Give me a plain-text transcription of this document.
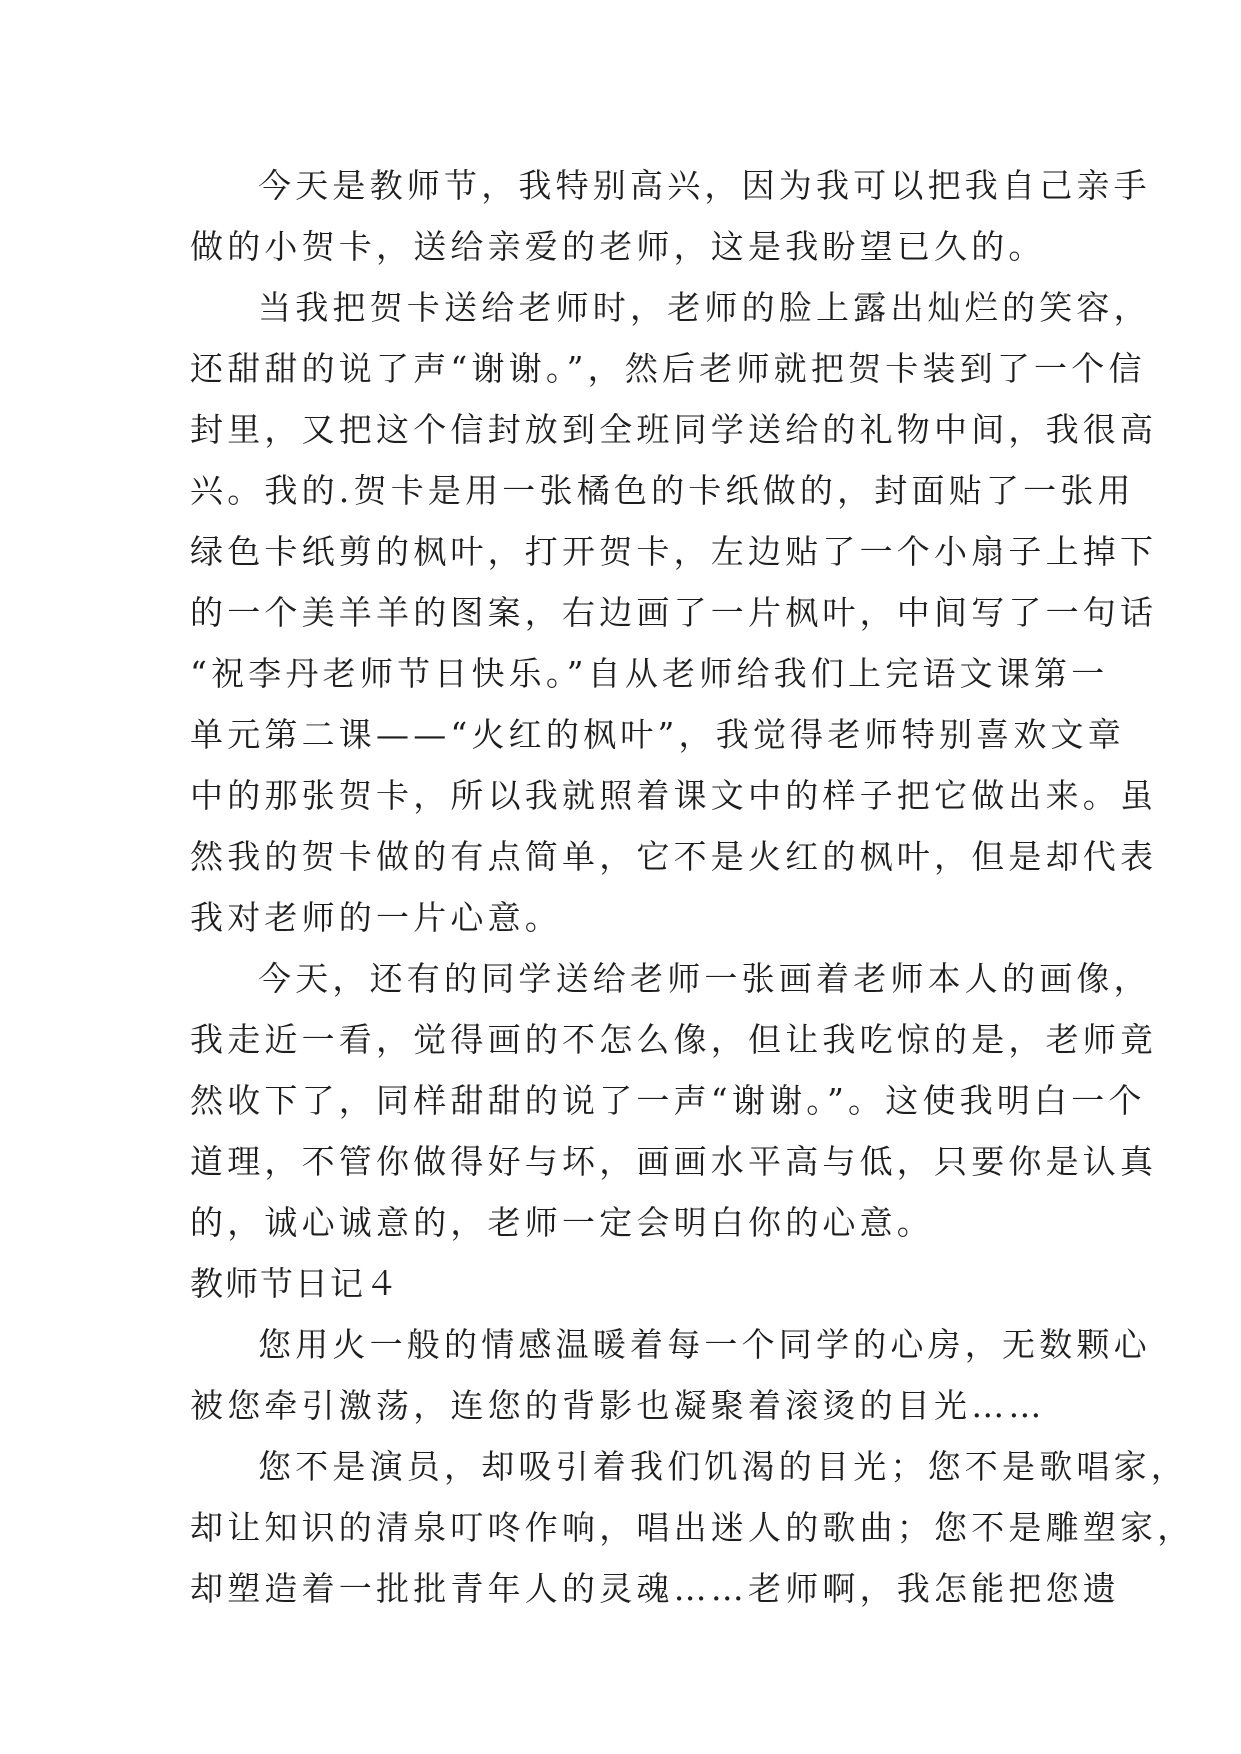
今天是教师节，我特别高兴，因为我可以把我自己亲手
做的小贺卡，送给亲爱的老师，这是我盼望已久的。
当我把贺卡送给老师时，老师的脸上露出灿烂的笑容，
还甜甜的说了声“谢谢。”，然后老师就把贺卡装到了一个信
封里，又把这个信封放到全班同学送给的礼物中间，我很高
兴。我的.贺卡是用一张橘色的卡纸做的，封面贴了一张用
绿色卡纸剪的枫叶，打开贺卡，左边贴了一个小扇子上掉下
的一个美羊羊的图案，右边画了一片枫叶，中间写了一句话
“祝李丹老师节日快乐。”自从老师给我们上完语文课第一
单元第二课——“火红的枫叶”，我觉得老师特别喜欢文章
中的那张贺卡，所以我就照着课文中的样子把它做出来。虽
然我的贺卡做的有点简单，它不是火红的枫叶，但是却代表
我对老师的一片心意。
今天，还有的同学送给老师一张画着老师本人的画像，
我走近一看，觉得画的不怎么像，但让我吃惊的是，老师竟
然收下了，同样甜甜的说了一声“谢谢。”。这使我明白一个
道理，不管你做得好与坏，画画水平高与低，只要你是认真
的，诚心诚意的，老师一定会明白你的心意。
教师节日记４
您用火一般的情感温暖着每一个同学的心房，无数颗心
被您牵引激荡，连您的背影也凝聚着滚烫的目光……
您不是演员，却吸引着我们饥渴的目光；您不是歌唱家，
却让知识的清泉叮咚作响，唱出迷人的歌曲；您不是雕塑家，
却塑造着一批批青年人的灵魂……老师啊，我怎能把您遗
